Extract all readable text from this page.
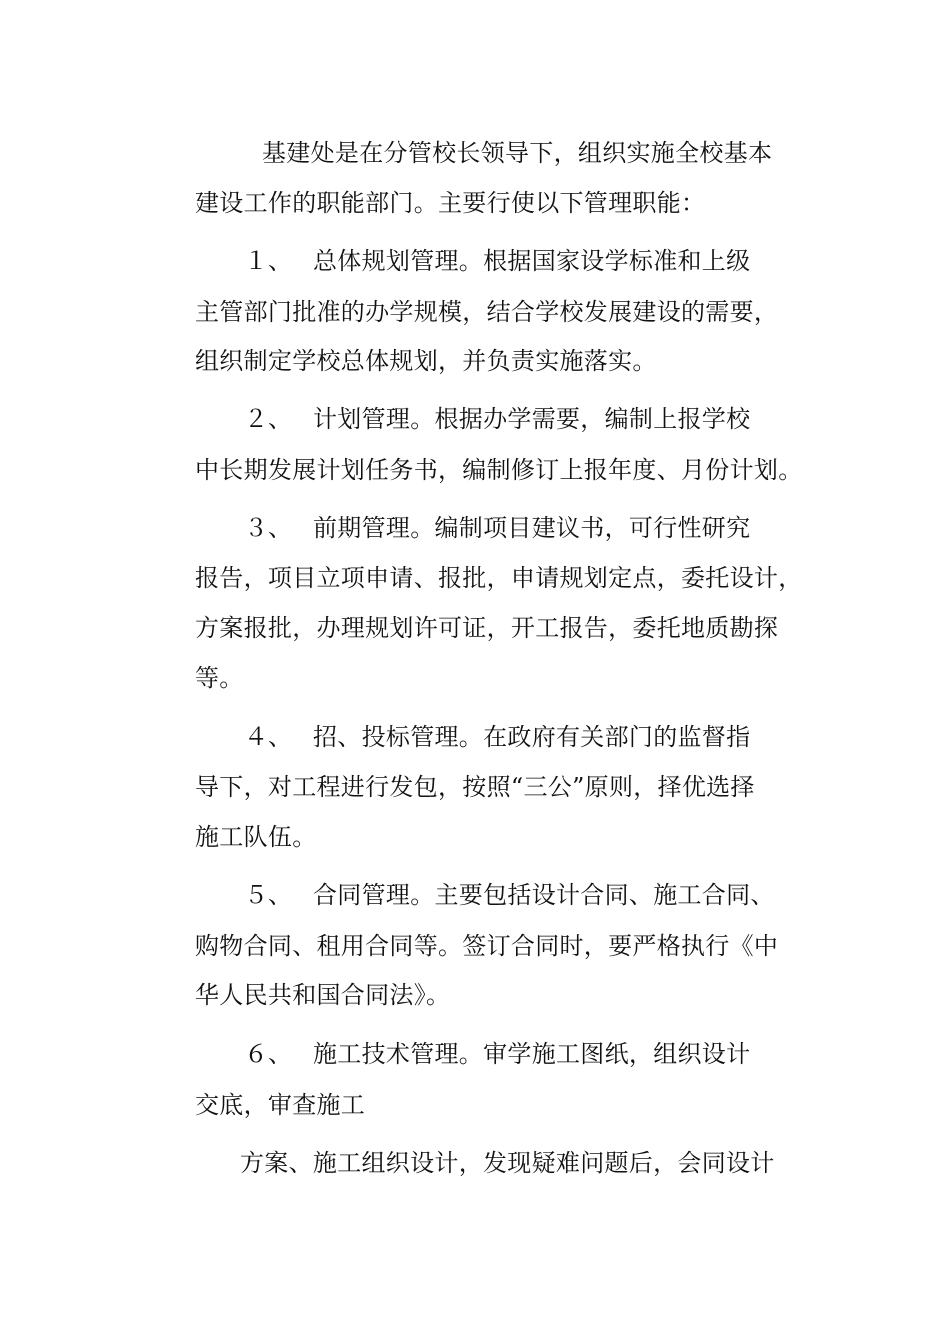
基建处是在分管校长领导下，组织实施全校基本
建设工作的职能部门。主要行使以下管理职能：
１、 总体规划管理。根据国家设学标准和上级
主管部门批准的办学规模，结合学校发展建设的需要，
组织制定学校总体规划，并负责实施落实。
２、 计划管理。根据办学需要，编制上报学校
中长期发展计划任务书，编制修订上报年度、月份计划。
３、 前期管理。编制项目建议书，可行性研究
报告，项目立项申请、报批，申请规划定点，委托设计，
方案报批，办理规划许可证，开工报告，委托地质勘探
等。
４、 招、投标管理。在政府有关部门的监督指
导下，对工程进行发包，按照“三公”原则，择优选择
施工队伍。
５、 合同管理。主要包括设计合同、施工合同、
购物合同、租用合同等。签订合同时，要严格执行《中
华人民共和国合同法》。
６、 施工技术管理。审学施工图纸，组织设计
交底，审查施工
方案、施工组织设计，发现疑难问题后，会同设计
